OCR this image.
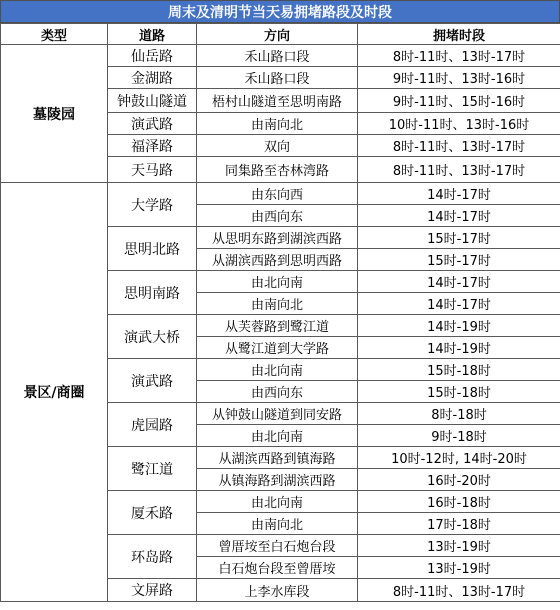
周末及清明节当天易拥堵路段及时段
类型	道路	方向	拥堵时段
墓陵园	仙岳路	禾山路口段	8时-11时、13时-17时
	金湖路	禾山路口段	9时-11时、13时-16时
	钟鼓山隧道	梧村山隧道至思明南路	9时-11时、15时-16时
	演武路	由南向北	10时-11时、13时-16时
	福泽路	双向	8时-11时、13时-17时
	天马路	同集路至杏林湾路	8时-11时、13时-17时
景区/商圈	大学路	由东向西	14时-17时
		由西向东	14时-17时
	思明北路	从思明东路到湖滨西路	15时-17时
		从湖滨西路到思明西路	15时-17时
	思明南路	由北向南	14时-17时
		由南向北	14时-17时
	演武大桥	从芙蓉路到鹭江道	14时-19时
		从鹭江道到大学路	14时-19时
	演武路	由北向南	15时-18时
		由西向东	15时-18时
	虎园路	从钟鼓山隧道到同安路	8时-18时
		由北向南	9时-18时
	鹭江道	从湖滨西路到镇海路	10时-12时, 14时-20时
		从镇海路到湖滨西路	16时-20时
	厦禾路	由北向南	16时-18时
		由南向北	17时-18时
	环岛路	曾厝垵至白石炮台段	13时-19时
		白石炮台段至曾厝垵	13时-19时
	文屏路	上李水库段	8时-11时、13时-17时
